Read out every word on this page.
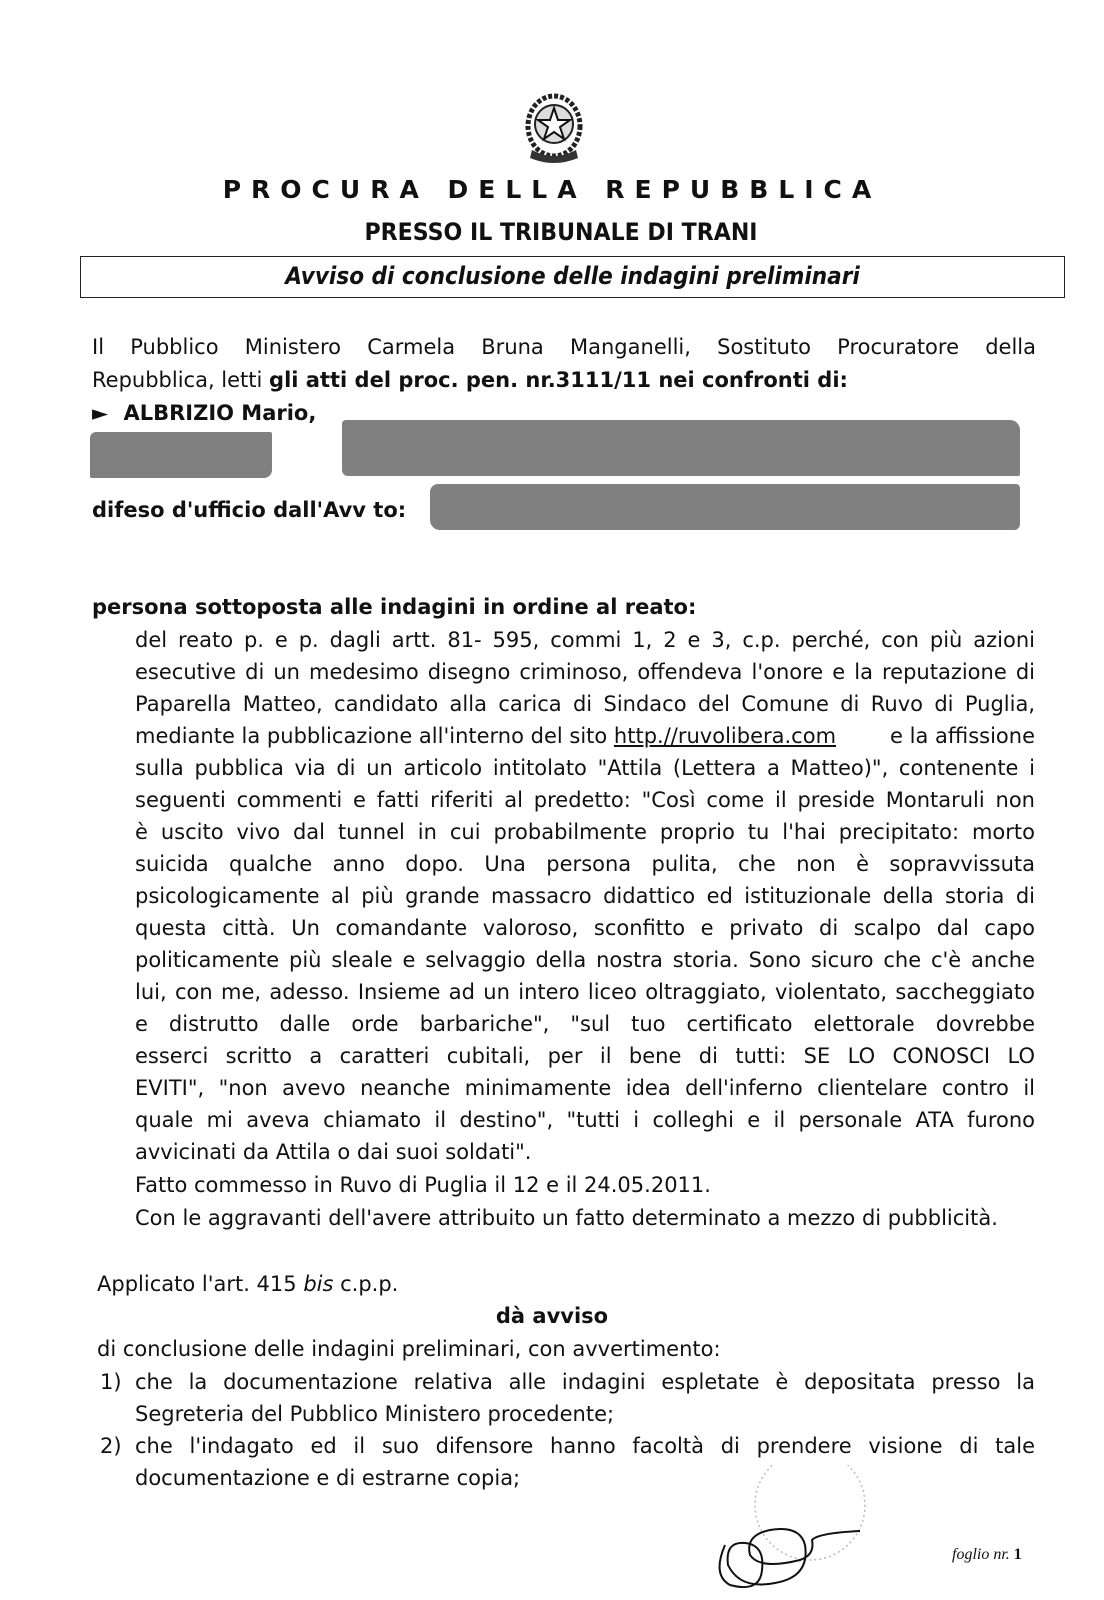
PROCURA DELLA REPUBBLICA
PRESSO IL TRIBUNALE DI TRANI
Avviso di conclusione delle indagini preliminari
Il Pubblico Ministero Carmela Bruna Manganelli, Sostituto Procuratore della
Repubblica, letti gli atti del proc. pen. nr.3111/11 nei confronti di:
► ALBRIZIO Mario,
difeso d'ufficio dall'Avv to:
persona sottoposta alle indagini in ordine al reato:
del reato p. e p. dagli artt. 81- 595, commi 1, 2 e 3, c.p. perché, con più azioni
esecutive di un medesimo disegno criminoso, offendeva l'onore e la reputazione di
Paparella Matteo, candidato alla carica di Sindaco del Comune di Ruvo di Puglia,
mediante la pubblicazione all'interno del sito http.//ruvolibera.com	e la affissione
sulla pubblica via di un articolo intitolato "Attila (Lettera a Matteo)", contenente i
seguenti commenti e fatti riferiti al predetto: "Così come il preside Montaruli non
è uscito vivo dal tunnel in cui probabilmente proprio tu l'hai precipitato: morto
suicida qualche anno dopo. Una persona pulita, che non è sopravvissuta
psicologicamente al più grande massacro didattico ed istituzionale della storia di
questa città. Un comandante valoroso, sconfitto e privato di scalpo dal capo
politicamente più sleale e selvaggio della nostra storia. Sono sicuro che c'è anche
lui, con me, adesso. Insieme ad un intero liceo oltraggiato, violentato, saccheggiato
e distrutto dalle orde barbariche", "sul tuo certificato elettorale dovrebbe
esserci scritto a caratteri cubitali, per il bene di tutti: SE LO CONOSCI LO
EVITI", "non avevo neanche minimamente idea dell'inferno clientelare contro il
quale mi aveva chiamato il destino", "tutti i colleghi e il personale ATA furono
avvicinati da Attila o dai suoi soldati".
Fatto commesso in Ruvo di Puglia il 12 e il 24.05.2011.
Con le aggravanti dell'avere attribuito un fatto determinato a mezzo di pubblicità.
Applicato l'art. 415 bis c.p.p.
dà avviso
di conclusione delle indagini preliminari, con avvertimento:
1) che la documentazione relativa alle indagini espletate è depositata presso la
Segreteria del Pubblico Ministero procedente;
2) che l'indagato ed il suo difensore hanno facoltà di prendere visione di tale
documentazione e di estrarne copia;
foglio nr. 1
